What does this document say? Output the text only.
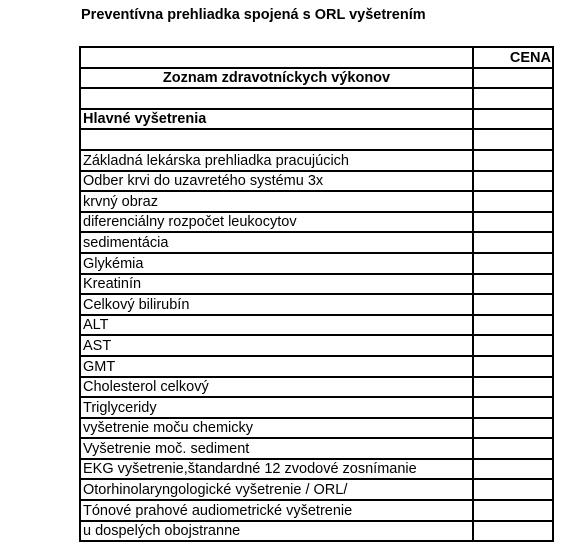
Preventívna prehliadka spojená s ORL vyšetrením
	CENA
Zoznam zdravotníckych výkonov	

Hlavné vyšetrenia	

Základná lekárska prehliadka pracujúcich	
Odber krvi do uzavretého systému 3x	
krvný obraz	
diferenciálny rozpočet leukocytov	
sedimentácia	
Glykémia	
Kreatinín	
Celkový bilirubín	
ALT	
AST	
GMT	
Cholesterol celkový	
Triglyceridy	
vyšetrenie moču chemicky	
Vyšetrenie moč. sediment	
EKG vyšetrenie,štandardné 12 zvodové zosnímanie	
Otorhinolaryngologické vyšetrenie / ORL/	
Tónové prahové audiometrické vyšetrenie	
u dospelých obojstranne	
